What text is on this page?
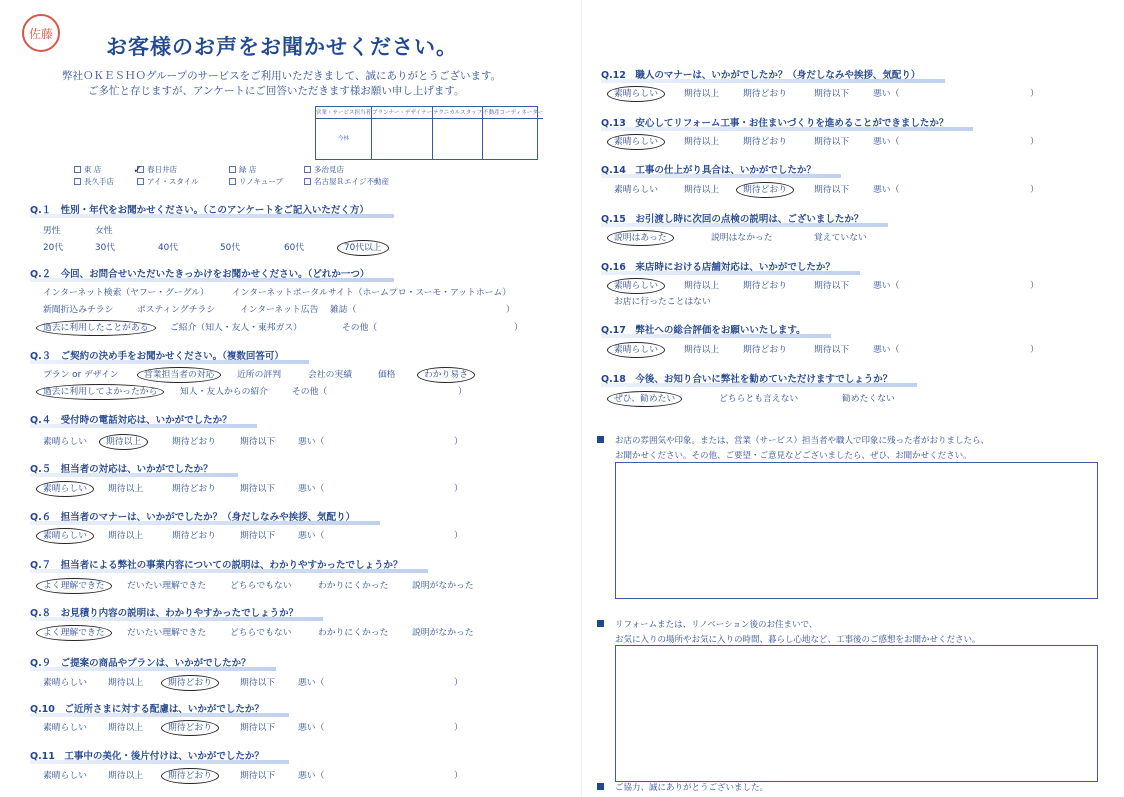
佐藤
お客様のお声をお聞かせください。
弊社ＯＫＥＳＨＯグループのサービスをご利用いただきまして、誠にありがとうございます。
ご多忙と存じますが、アンケートにご回答いただきます様お願い申し上げます。
営業・サービス担当者 プランナー・デザイナー テクニカルスタッフ 不動産コーディネーター
今林
東 店
✓	春日井店	緑 店	多治見店
長久手店	アイ・スタイル	リノキューブ	名古屋Ｒエイジ不動産
Q.１　性別・年代をお聞かせください。（このアンケートをご記入いただく方）
男性	女性
20代	30代	40代	50代	60代	70代以上
Q.２　今回、お問合せいただいたきっかけをお聞かせください。（どれか一つ）
インターネット検索（ヤフー・グーグル）	インターネットポータルサイト（ホームプロ・スーモ・アットホーム）
新聞折込みチラシ	ポスティングチラシ	インターネット広告 雑誌（	）
過去に利用したことがある ご紹介（知人・友人・東邦ガス）	その他（	）
Q.３　ご契約の決め手をお聞かせください。（複数回答可）
プラン or デザイン	営業担当者の対応	近所の評判	会社の実績	価格	わかり易さ
過去に利用してよかったから	知人・友人からの紹介	その他（	）
Q.４　受付時の電話対応は、いかがでしたか？
素晴らしい 期待以上	期待どおり	期待以下	悪い（	）
Q.５　担当者の対応は、いかがでしたか？
素晴らしい 期待以上	期待どおり	期待以下	悪い（	）
Q.６　担当者のマナーは、いかがでしたか？（身だしなみや挨拶、気配り）
素晴らしい 期待以上	期待どおり	期待以下	悪い（	）
Q.７　担当者による弊社の事業内容についての説明は、わかりやすかったでしょうか？
よく理解できた	だいたい理解できた	どちらでもない	わかりにくかった	説明がなかった
Q.８　お見積り内容の説明は、わかりやすかったでしょうか？
よく理解できた	だいたい理解できた	どちらでもない	わかりにくかった	説明がなかった
Q.９　ご提案の商品やプランは、いかがでしたか？
素晴らしい 期待以上	期待どおり	期待以下	悪い（	）
Q.10　ご近所さまに対する配慮は、いかがでしたか？
素晴らしい 期待以上	期待どおり	期待以下	悪い（	）
Q.11　工事中の美化・後片付けは、いかがでしたか？
素晴らしい 期待以上	期待どおり	期待以下	悪い（	）
Q.12　職人のマナーは、いかがでしたか？（身だしなみや挨拶、気配り）
素晴らしい	期待以上	期待どおり	期待以下	悪い（	）
Q.13　安心してリフォーム工事・お住まいづくりを進めることができましたか？
素晴らしい	期待以上	期待どおり	期待以下	悪い（	）
Q.14　工事の仕上がり具合は、いかがでしたか？
素晴らしい	期待以上	期待どおり	期待以下	悪い（	）
Q.15　お引渡し時に次回の点検の説明は、ございましたか？
説明はあった	説明はなかった	覚えていない
Q.16　来店時における店舗対応は、いかがでしたか？
素晴らしい	期待以上	期待どおり	期待以下	悪い（	）
お店に行ったことはない
Q.17　弊社への総合評価をお願いいたします。
素晴らしい	期待以上	期待どおり	期待以下	悪い（	）
Q.18　今後、お知り合いに弊社を勧めていただけますでしょうか？
ぜひ、勧めたい	どちらとも言えない	勧めたくない
お店の雰囲気や印象。または、営業（サービス）担当者や職人で印象に残った者がおりましたら、
お聞かせください。その他、ご要望・ご意見などございましたら、ぜひ、お聞かせください。
リフォームまたは、リノベーション後のお住まいで、
お気に入りの場所やお気に入りの時間、暮らし心地など、工事後のご感想をお聞かせください。
ご協力、誠にありがとうございました。
